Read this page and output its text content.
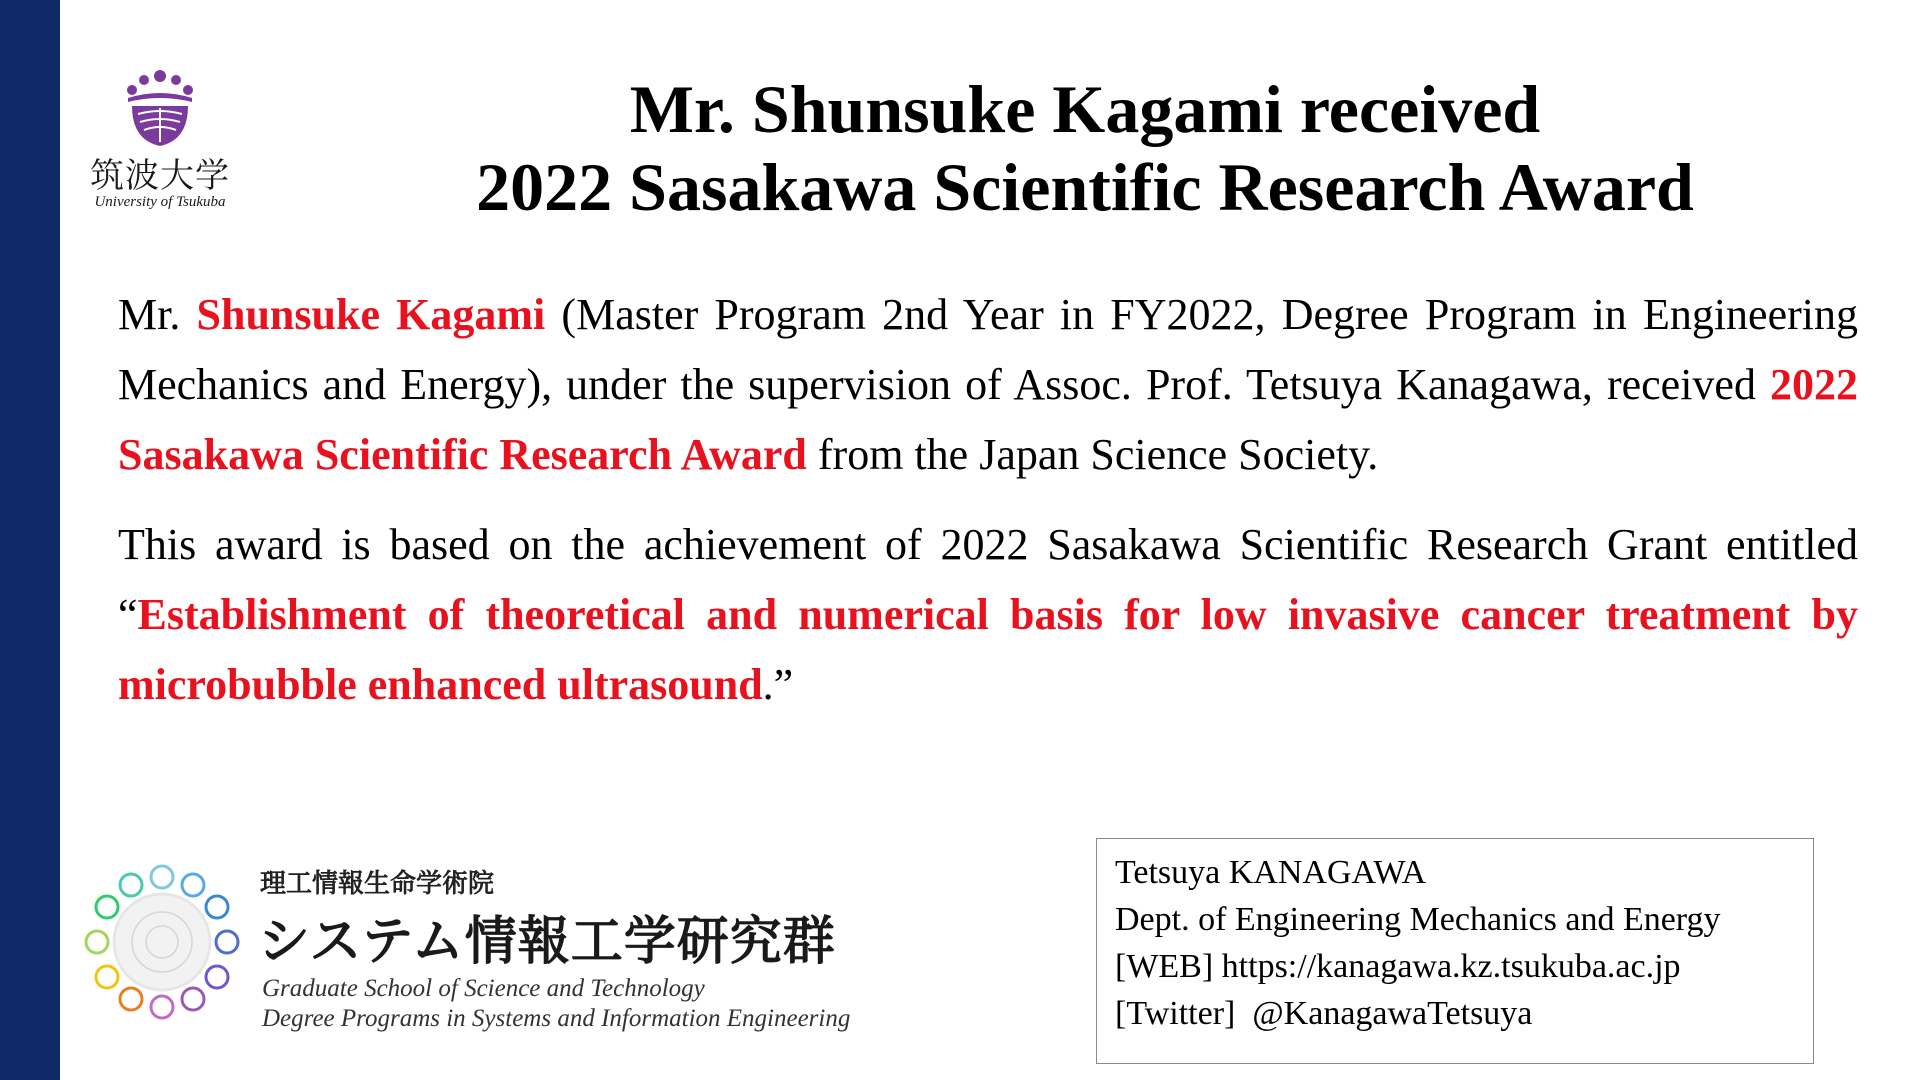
筑波大学
University of Tsukuba
Mr. Shunsuke Kagami received
2022 Sasakawa Scientific Research Award

Mr. Shunsuke Kagami (Master Program 2nd Year in FY2022, Degree Program in Engineering Mechanics and Energy), under the supervision of Assoc. Prof. Tetsuya Kanagawa, received 2022 Sasakawa Scientific Research Award from the Japan Science Society.

This award is based on the achievement of 2022 Sasakawa Scientific Research Grant entitled “Establishment of theoretical and numerical basis for low invasive cancer treatment by microbubble enhanced ultrasound.”

理工情報生命学術院
システム情報工学研究群
Graduate School of Science and Technology
Degree Programs in Systems and Information Engineering
Tetsuya KANAGAWA
Dept. of Engineering Mechanics and Energy
[WEB] https://kanagawa.kz.tsukuba.ac.jp
[Twitter] @KanagawaTetsuya
